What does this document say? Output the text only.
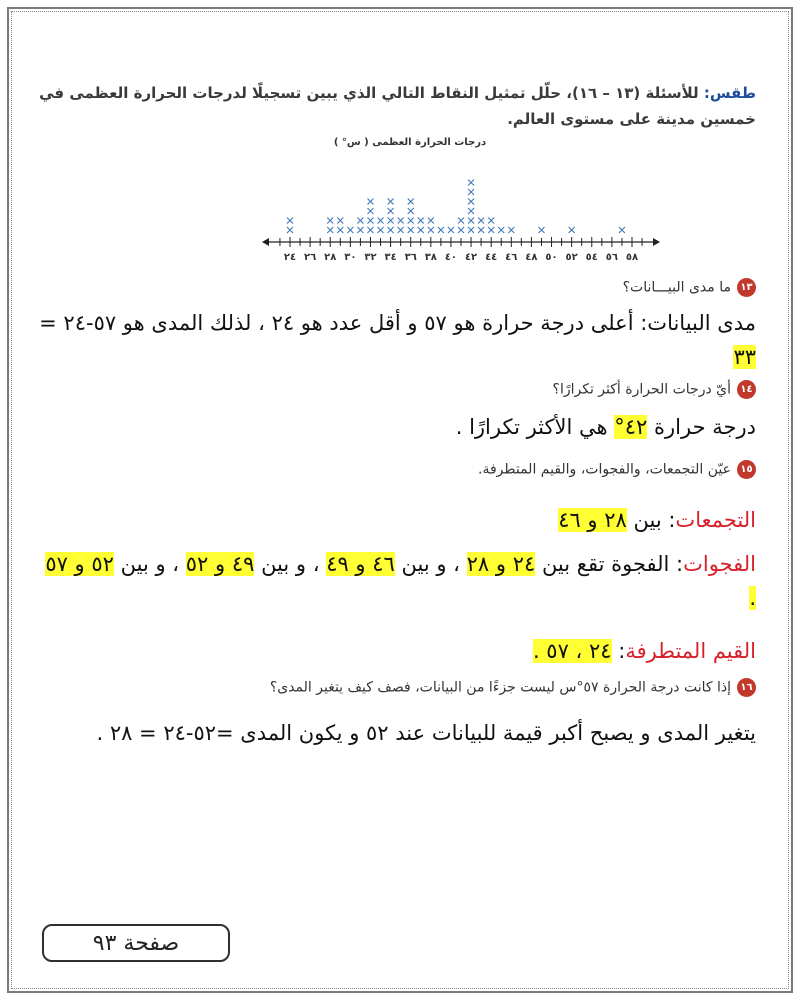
طقس: للأسئلة (١٣ – ١٦)، حلّل تمثيل النقاط التالي الذي يبين تسجيلًا لدرجات الحرارة العظمى في خمسين مدينة على مستوى العالم.
درجات الحرارة العظمى ( س° )
٢٤ ٢٦ ٢٨ ٣٠ ٣٢ ٣٤ ٣٦ ٣٨ ٤٠ ٤٢ ٤٤ ٤٦ ٤٨ ٥٠ ٥٢ ٥٤ ٥٦ ٥٨
١٣ما مدى البيـــانات؟
مدى البيانات: أعلى درجة حرارة هو ٥٧ و أقل عدد هو ٢٤ ، لذلك المدى هو ٥٧-٢٤ = ٣٣
١٤أيّ درجات الحرارة أكثر تكرارًا؟
درجة حرارة ٤٢° هي الأكثر تكرارًا .
١٥عيّن التجمعات، والفجوات، والقيم المتطرفة.
التجمعات: بين ٢٨ و ٤٦
الفجوات: الفجوة تقع بين ٢٤ و ٢٨ ، و بين ٤٦ و ٤٩ ، و بين ٤٩ و ٥٢ ، و بين ٥٢ و ٥٧ .
القيم المتطرفة: ٢٤ ، ٥٧ .
١٦إذا كانت درجة الحرارة ٥٧°س ليست جزءًا من البيانات، فصف كيف يتغير المدى؟
يتغير المدى و يصبح أكبر قيمة للبيانات عند ٥٢ و يكون المدى =٥٢-٢٤ = ٢٨ .
صفحة ٩٣
